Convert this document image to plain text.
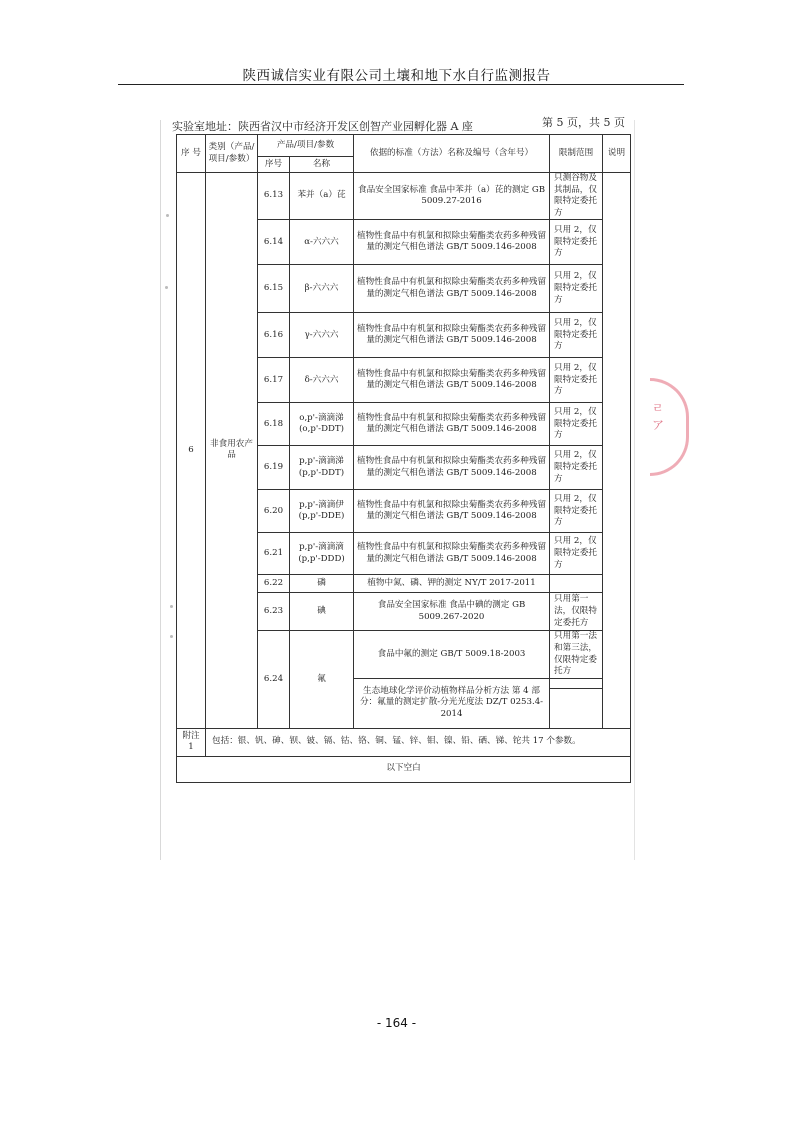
陕西诚信实业有限公司土壤和地下水自行监测报告
ㄹ
ア
实验室地址：陕西省汉中市经济开发区创智产业园孵化器 A 座	第 5 页，共 5 页
序 号	类别（产品/项目/参数）	产品/项目/参数		依据的标准（方法）名称及编号（含年号）	限制范围	说明
		序号	名称			
6	非食用农产品	6.13	苯并（a）芘	食品安全国家标准 食品中苯并（a）芘的测定 GB 5009.27-2016	只测谷物及其制品，仅限特定委托方	
		6.14	α-六六六	植物性食品中有机氯和拟除虫菊酯类农药多种残留量的测定气相色谱法 GB/T 5009.146-2008	只用 2，仅限特定委托方	
		6.15	β-六六六	植物性食品中有机氯和拟除虫菊酯类农药多种残留量的测定气相色谱法 GB/T 5009.146-2008	只用 2，仅限特定委托方	
		6.16	γ-六六六	植物性食品中有机氯和拟除虫菊酯类农药多种残留量的测定气相色谱法 GB/T 5009.146-2008	只用 2，仅限特定委托方	
		6.17	δ-六六六	植物性食品中有机氯和拟除虫菊酯类农药多种残留量的测定气相色谱法 GB/T 5009.146-2008	只用 2，仅限特定委托方	
		6.18	o,p'-滴滴涕 (o,p'-DDT)	植物性食品中有机氯和拟除虫菊酯类农药多种残留量的测定气相色谱法 GB/T 5009.146-2008	只用 2，仅限特定委托方	
		6.19	p,p'-滴滴涕 (p,p'-DDT)	植物性食品中有机氯和拟除虫菊酯类农药多种残留量的测定气相色谱法 GB/T 5009.146-2008	只用 2，仅限特定委托方	
		6.20	p,p'-滴滴伊 (p,p'-DDE)	植物性食品中有机氯和拟除虫菊酯类农药多种残留量的测定气相色谱法 GB/T 5009.146-2008	只用 2，仅限特定委托方	
		6.21	p,p'-滴滴滴 (p,p'-DDD)	植物性食品中有机氯和拟除虫菊酯类农药多种残留量的测定气相色谱法 GB/T 5009.146-2008	只用 2，仅限特定委托方	
		6.22	磷	植物中氮、磷、钾的测定 NY/T 2017-2011		
		6.23	碘	食品安全国家标准 食品中碘的测定 GB 5009.267-2020	只用第一法，仅限特定委托方	
		6.24	氟	食品中氟的测定 GB/T 5009.18-2003	只用第一法和第三法，仅限特定委托方	
				生态地球化学评价动植物样品分析方法 第 4 部分：氟量的测定扩散-分光光度法 DZ/T 0253.4-2014		

附注 1	包括：银、钒、砷、钡、铍、镉、钴、铬、铜、锰、锌、钼、镍、铅、硒、锑、铊共 17 个参数。					
以下空白						
- 164 -
